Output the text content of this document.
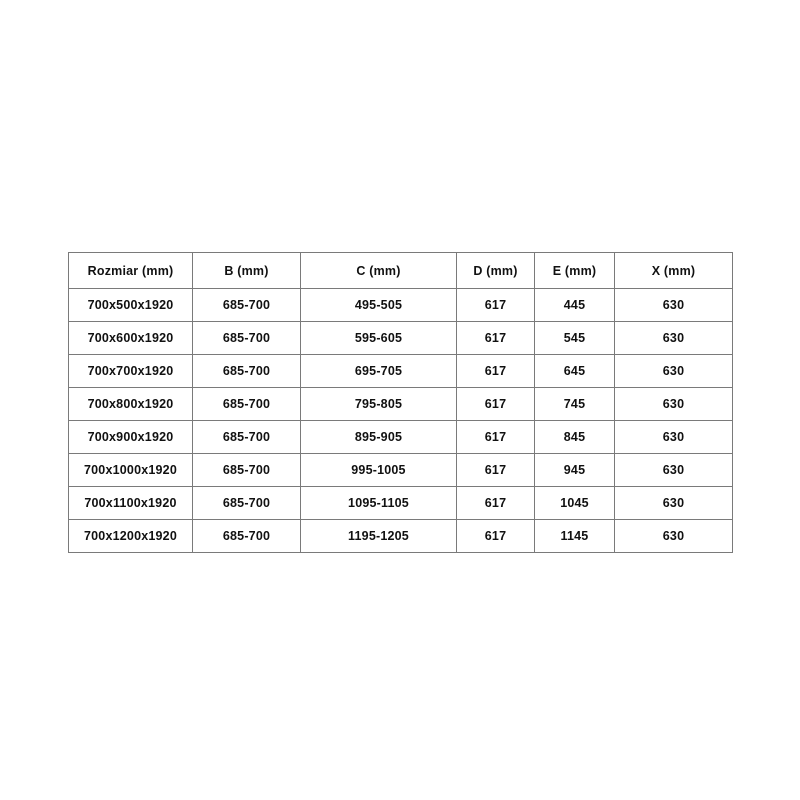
Rozmiar (mm)	B (mm)	C (mm)	D (mm)	E (mm)	X (mm)
700x500x1920	685-700	495-505	617	445	630
700x600x1920	685-700	595-605	617	545	630
700x700x1920	685-700	695-705	617	645	630
700x800x1920	685-700	795-805	617	745	630
700x900x1920	685-700	895-905	617	845	630
700x1000x1920	685-700	995-1005	617	945	630
700x1100x1920	685-700	1095-1105	617	1045	630
700x1200x1920	685-700	1195-1205	617	1145	630
